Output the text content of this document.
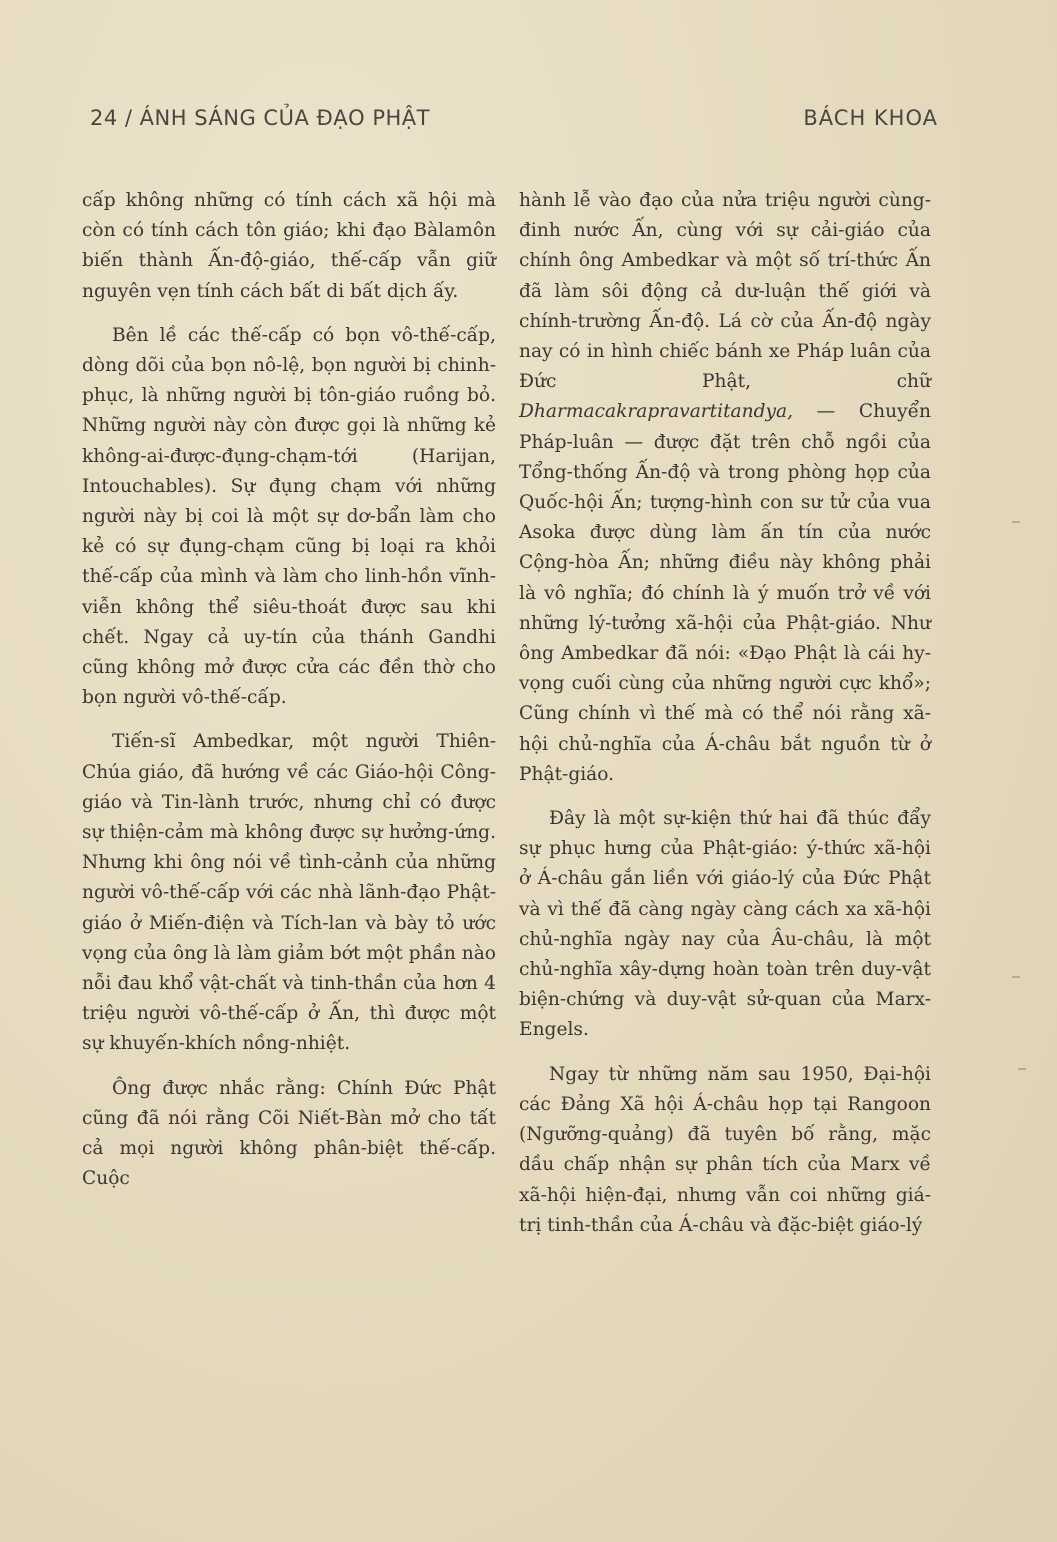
24 / ÁNH SÁNG CỦA ĐẠO PHẬT	BÁCH KHOA

cấp không những có tính cách xã hội mà còn có tính cách tôn giáo; khi đạo Bàlamôn biến thành Ấn-độ-giáo, thế-cấp vẫn giữ nguyên vẹn tính cách bất di bất dịch ấy.

Bên lề các thế-cấp có bọn vô-thế-cấp, dòng dõi của bọn nô-lệ, bọn người bị chinh-phục, là những người bị tôn-giáo ruồng bỏ. Những người này còn được gọi là những kẻ không-ai-được-đụng-chạm-tới (Harijan, Intouchables). Sự đụng chạm với những người này bị coi là một sự dơ-bẩn làm cho kẻ có sự đụng-chạm cũng bị loại ra khỏi thế-cấp của mình và làm cho linh-hồn vĩnh-viễn không thể siêu-thoát được sau khi chết. Ngay cả uy-tín của thánh Gandhi cũng không mở được cửa các đền thờ cho bọn người vô-thế-cấp.

Tiến-sĩ Ambedkar, một người Thiên-Chúa giáo, đã hướng về các Giáo-hội Công-giáo và Tin-lành trước, nhưng chỉ có được sự thiện-cảm mà không được sự hưởng-ứng. Nhưng khi ông nói về tình-cảnh của những người vô-thế-cấp với các nhà lãnh-đạo Phật-giáo ở Miến-điện và Tích-lan và bày tỏ ước vọng của ông là làm giảm bớt một phần nào nỗi đau khổ vật-chất và tinh-thần của hơn 4 triệu người vô-thế-cấp ở Ấn, thì được một sự khuyến-khích nồng-nhiệt.

Ông được nhắc rằng: Chính Đức Phật cũng đã nói rằng Cõi Niết-Bàn mở cho tất cả mọi người không phân-biệt thế-cấp. Cuộc

hành lễ vào đạo của nửa triệu người cùng-đinh nước Ấn, cùng với sự cải-giáo của chính ông Ambedkar và một số trí-thức Ấn đã làm sôi động cả dư-luận thế giới và chính-trường Ấn-độ. Lá cờ của Ấn-độ ngày nay có in hình chiếc bánh xe Pháp luân của Đức Phật, chữ Dharmacakrapravartitandya, — Chuyển Pháp-luân — được đặt trên chỗ ngồi của Tổng-thống Ấn-độ và trong phòng họp của Quốc-hội Ấn; tượng-hình con sư tử của vua Asoka được dùng làm ấn tín của nước Cộng-hòa Ấn; những điều này không phải là vô nghĩa; đó chính là ý muốn trở về với những lý-tưởng xã-hội của Phật-giáo. Như ông Ambedkar đã nói: «Đạo Phật là cái hy-vọng cuối cùng của những người cực khổ»; Cũng chính vì thế mà có thể nói rằng xã-hội chủ-nghĩa của Á-châu bắt nguồn từ ở Phật-giáo.

Đây là một sự-kiện thứ hai đã thúc đẩy sự phục hưng của Phật-giáo: ý-thức xã-hội ở Á-châu gắn liền với giáo-lý của Đức Phật và vì thế đã càng ngày càng cách xa xã-hội chủ-nghĩa ngày nay của Âu-châu, là một chủ-nghĩa xây-dựng hoàn toàn trên duy-vật biện-chứng và duy-vật sử-quan của Marx-Engels.

Ngay từ những năm sau 1950, Đại-hội các Đảng Xã hội Á-châu họp tại Rangoon (Ngưỡng-quảng) đã tuyên bố rằng, mặc dầu chấp nhận sự phân tích của Marx về xã-hội hiện-đại, nhưng vẫn coi những giá-trị tinh-thần của Á-châu và đặc-biệt giáo-lý
